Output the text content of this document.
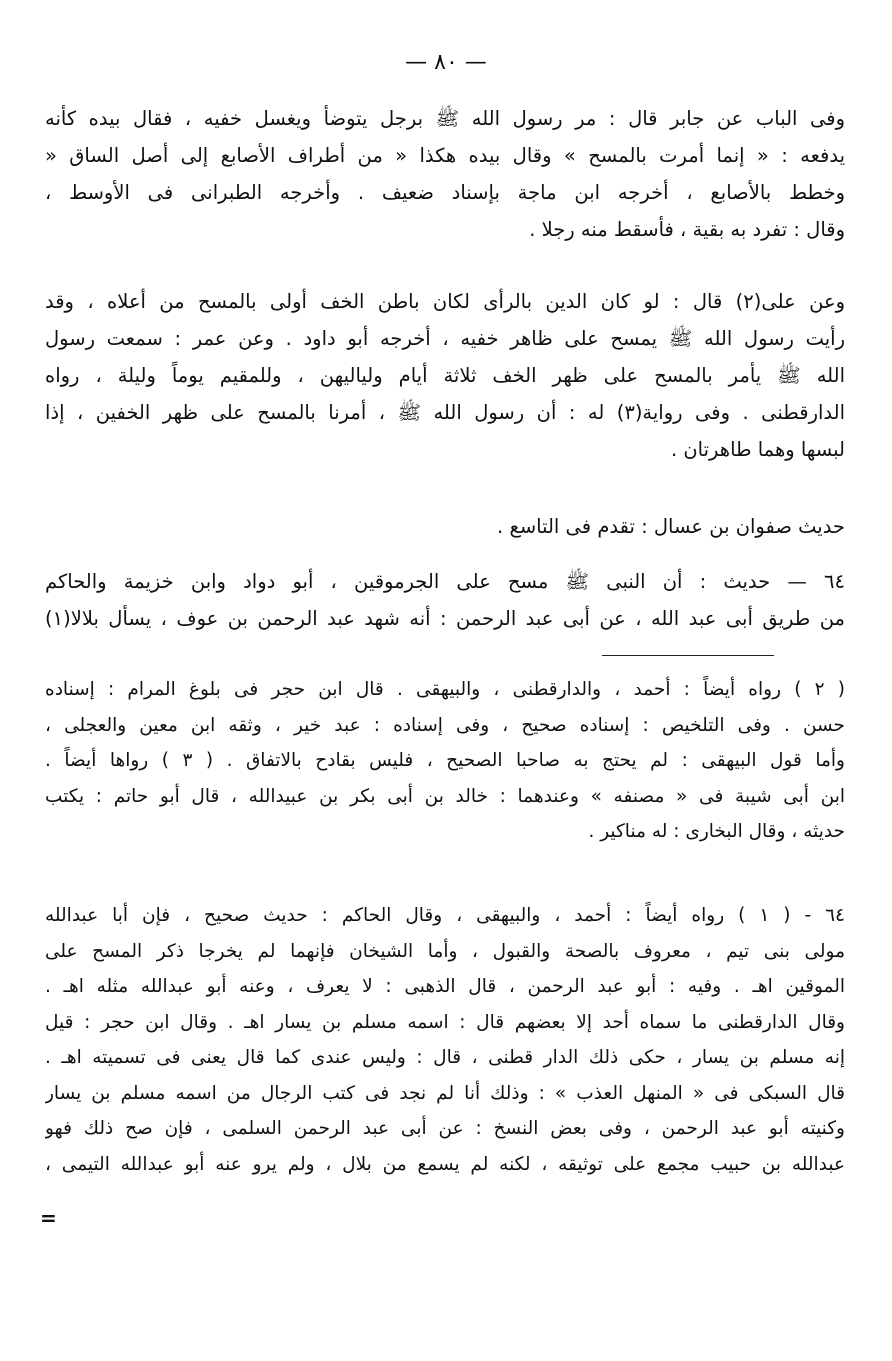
— ٨٠ —
وفى الباب عن جابر قال : مر رسول الله ﷺ برجل يتوضأ ويغسل خفيه ، فقال بيده كأنه
يدفعه : « إنما أمرت بالمسح » وقال بيده هكذا « من أطراف الأصابع إلى أصل الساق «
وخطط بالأصابع ، أخرجه ابن ماجة بإسناد ضعيف . وأخرجه الطبرانى فى الأوسط ،
وقال : تفرد به بقية ، فأسقط منه رجلا .
وعن على(٢) قال : لو كان الدين بالرأى لكان باطن الخف أولى بالمسح من أعلاه ، وقد
رأيت رسول الله ﷺ يمسح على ظاهر خفيه ، أخرجه أبو داود . وعن عمر : سمعت رسول
الله ﷺ يأمر بالمسح على ظهر الخف ثلاثة أيام ولياليهن ، وللمقيم يوماً وليلة ، رواه
الدارقطنى . وفى رواية(٣) له : أن رسول الله ﷺ ، أمرنا بالمسح على ظهر الخفين ، إذا
لبسها وهما طاهرتان .
حديث صفوان بن عسال : تقدم فى التاسع .
٦٤ — حديث : أن النبى ﷺ مسح على الجرموقين ، أبو دواد وابن خزيمة والحاكم
من طريق أبى عبد الله ، عن أبى عبد الرحمن : أنه شهد عبد الرحمن بن عوف ، يسأل بلالا(١)
( ٢ ) رواه أيضاً : أحمد ، والدارقطنى ، والبيهقى . قال ابن حجر فى بلوغ المرام : إسناده
حسن . وفى التلخيص : إسناده صحيح ، وفى إسناده : عبد خير ، وثقه ابن معين والعجلى ،
وأما قول البيهقى : لم يحتج به صاحبا الصحيح ، فليس بقادح بالاتفاق . ( ٣ ) رواها أيضاً .
ابن أبى شيبة فى « مصنفه » وعندهما : خالد بن أبى بكر بن عبيدالله ، قال أبو حاتم : يكتب
حديثه ، وقال البخارى : له مناكير .
٦٤ - ( ١ ) رواه أيضاً : أحمد ، والبيهقى ، وقال الحاكم : حديث صحيح ، فإن أبا عبدالله
مولى بنى تيم ، معروف بالصحة والقبول ، وأما الشيخان فإنهما لم يخرجا ذكر المسح على
الموقين اهـ . وفيه : أبو عبد الرحمن ، قال الذهبى : لا يعرف ، وعنه أبو عبدالله مثله اهـ .
وقال الدارقطنى ما سماه أحد إلا بعضهم قال : اسمه مسلم بن يسار اهـ . وقال ابن حجر : قيل
إنه مسلم بن يسار ، حكى ذلك الدار قطنى ، قال : وليس عندى كما قال يعنى فى تسميته اهـ .
قال السبكى فى « المنهل العذب » : وذلك أنا لم نجد فى كتب الرجال من اسمه مسلم بن يسار
وكنيته أبو عبد الرحمن ، وفى بعض النسخ : عن أبى عبد الرحمن السلمى ، فإن صح ذلك فهو
عبدالله بن حبيب مجمع على توثيقه ، لكنه لم يسمع من بلال ، ولم يرو عنه أبو عبدالله التيمى ،
=
